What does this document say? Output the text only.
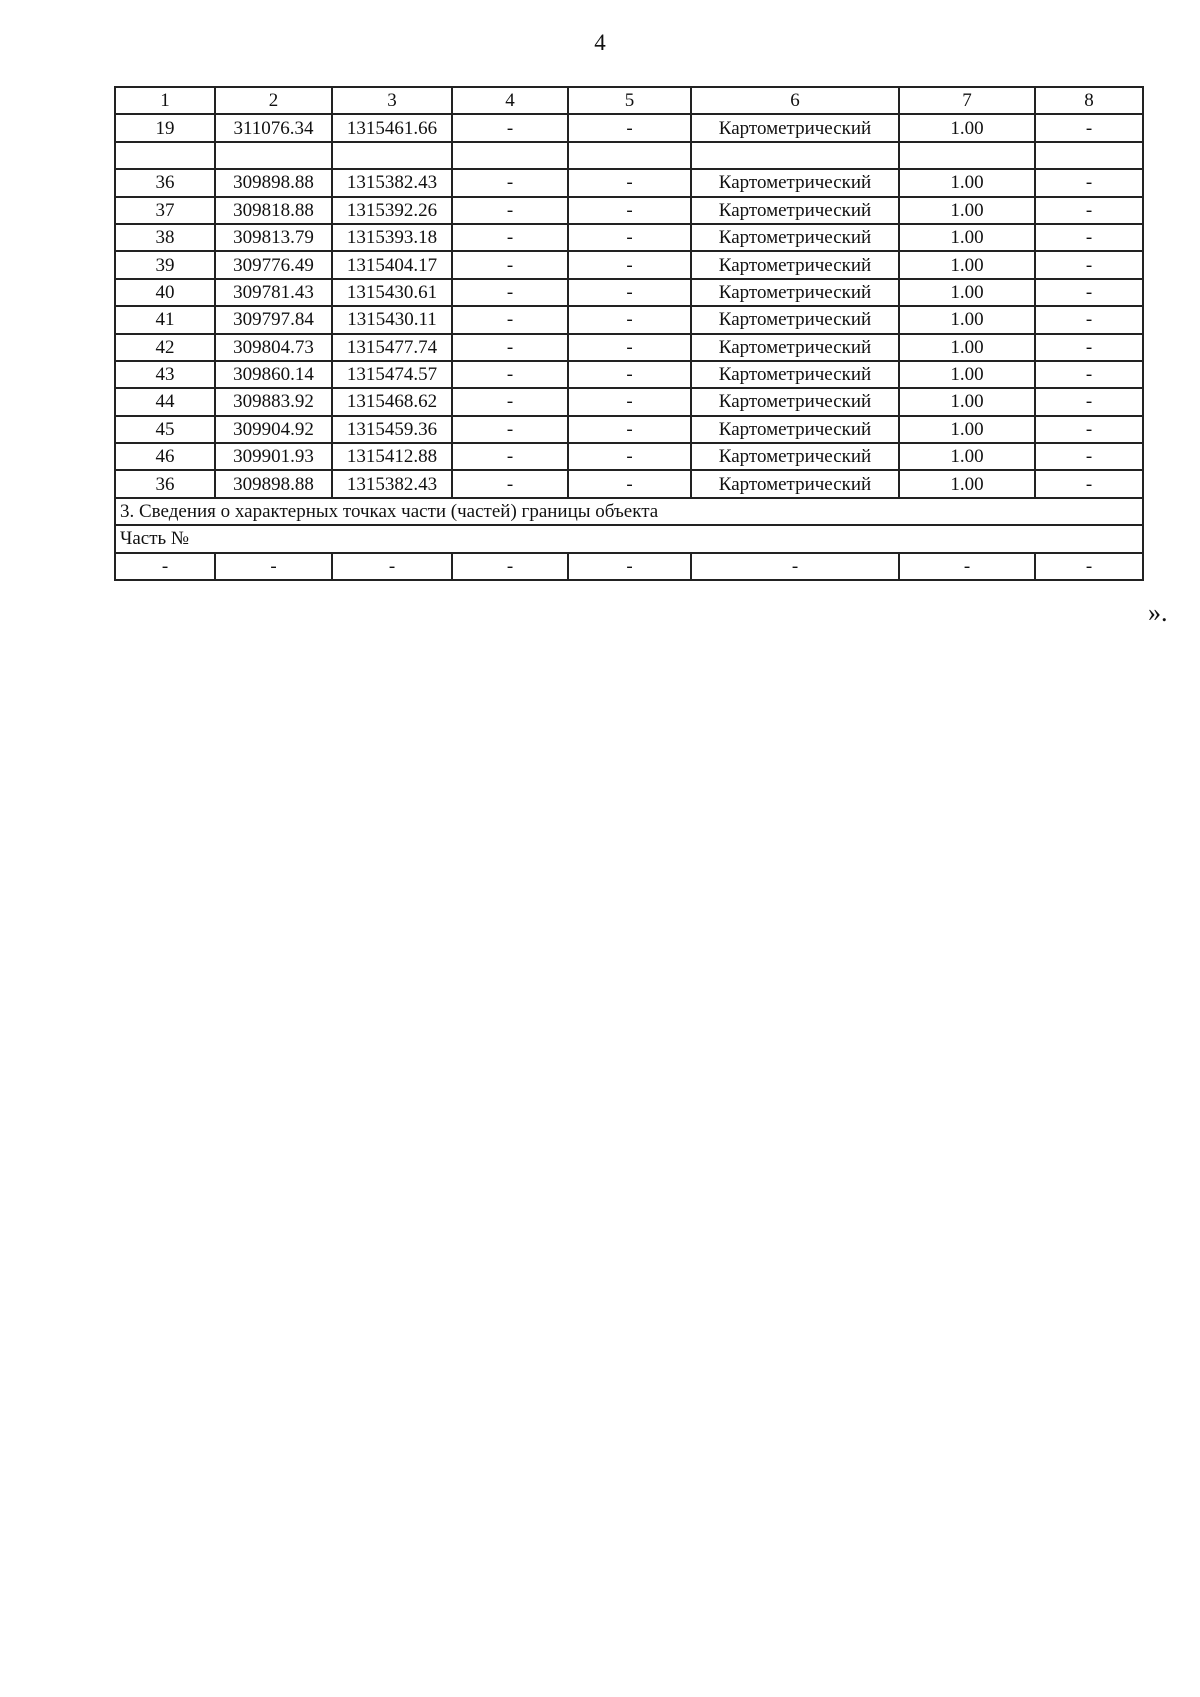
4
1	2	3	4	5	6	7	8
19	311076.34	1315461.66	-	-	Картометрический	1.00	-

36	309898.88	1315382.43	-	-	Картометрический	1.00	-
37	309818.88	1315392.26	-	-	Картометрический	1.00	-
38	309813.79	1315393.18	-	-	Картометрический	1.00	-
39	309776.49	1315404.17	-	-	Картометрический	1.00	-
40	309781.43	1315430.61	-	-	Картометрический	1.00	-
41	309797.84	1315430.11	-	-	Картометрический	1.00	-
42	309804.73	1315477.74	-	-	Картометрический	1.00	-
43	309860.14	1315474.57	-	-	Картометрический	1.00	-
44	309883.92	1315468.62	-	-	Картометрический	1.00	-
45	309904.92	1315459.36	-	-	Картометрический	1.00	-
46	309901.93	1315412.88	-	-	Картометрический	1.00	-
36	309898.88	1315382.43	-	-	Картометрический	1.00	-
3. Сведения о характерных точках части (частей) границы объекта							
Часть №							
-	-	-	-	-	-	-	-
».
